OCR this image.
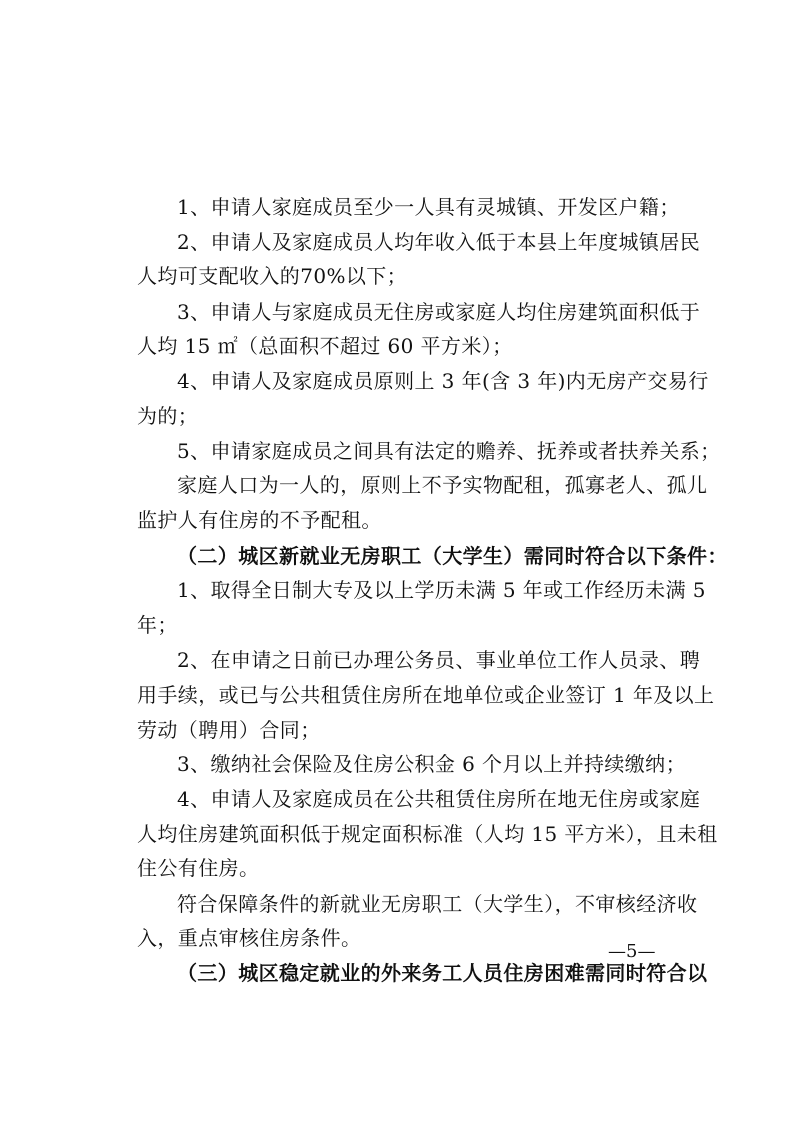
1、申请人家庭成员至少一人具有灵城镇、开发区户籍；
2、申请人及家庭成员人均年收入低于本县上年度城镇居民
人均可支配收入的70%以下；
3、申请人与家庭成员无住房或家庭人均住房建筑面积低于
人均 15 ㎡（总面积不超过 60 平方米）；
4、申请人及家庭成员原则上 3 年(含 3 年)内无房产交易行
为的；
5、申请家庭成员之间具有法定的赡养、抚养或者扶养关系；
家庭人口为一人的，原则上不予实物配租，孤寡老人、孤儿
监护人有住房的不予配租。
（二）城区新就业无房职工（大学生）需同时符合以下条件：
1、取得全日制大专及以上学历未满 5 年或工作经历未满 5
年；
2、在申请之日前已办理公务员、事业单位工作人员录、聘
用手续，或已与公共租赁住房所在地单位或企业签订 1 年及以上
劳动（聘用）合同；
3、缴纳社会保险及住房公积金 6 个月以上并持续缴纳；
4、申请人及家庭成员在公共租赁住房所在地无住房或家庭
人均住房建筑面积低于规定面积标准（人均 15 平方米），且未租
住公有住房。
符合保障条件的新就业无房职工（大学生），不审核经济收
入，重点审核住房条件。
（三）城区稳定就业的外来务工人员住房困难需同时符合以
—5—
